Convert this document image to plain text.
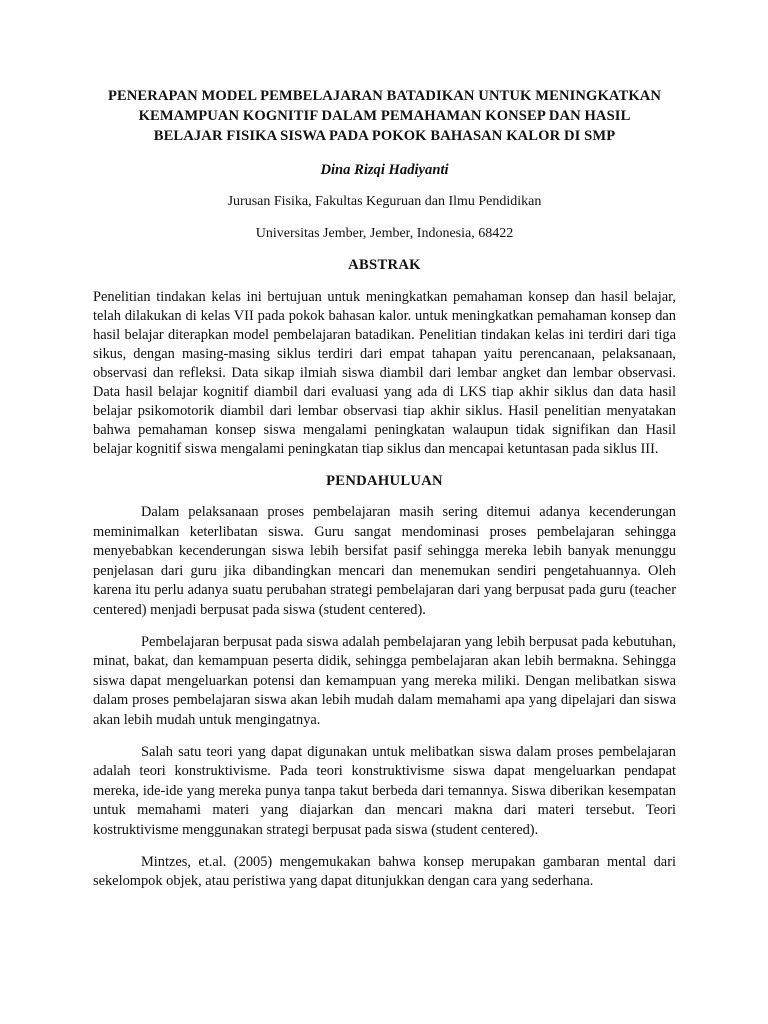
PENERAPAN MODEL PEMBELAJARAN BATADIKAN UNTUK MENINGKATKAN
KEMAMPUAN KOGNITIF DALAM PEMAHAMAN KONSEP DAN HASIL
BELAJAR FISIKA SISWA PADA POKOK BAHASAN KALOR DI SMP

Dina Rizqi Hadiyanti

Jurusan Fisika, Fakultas Keguruan dan Ilmu Pendidikan

Universitas Jember, Jember, Indonesia, 68422

ABSTRAK

Penelitian tindakan kelas ini bertujuan untuk meningkatkan pemahaman konsep dan hasil belajar, telah dilakukan di kelas VII pada pokok bahasan kalor. untuk meningkatkan pemahaman konsep dan hasil belajar diterapkan model pembelajaran batadikan. Penelitian tindakan kelas ini terdiri dari tiga sikus, dengan masing-masing siklus terdiri dari empat tahapan yaitu perencanaan, pelaksanaan, observasi dan refleksi. Data sikap ilmiah siswa diambil dari lembar angket dan lembar observasi. Data hasil belajar kognitif diambil dari evaluasi yang ada di LKS tiap akhir siklus dan data hasil belajar psikomotorik diambil dari lembar observasi tiap akhir siklus. Hasil penelitian menyatakan bahwa pemahaman konsep siswa mengalami peningkatan walaupun tidak signifikan dan Hasil belajar kognitif siswa mengalami peningkatan tiap siklus dan mencapai ketuntasan pada siklus III.

PENDAHULUAN

Dalam pelaksanaan proses pembelajaran masih sering ditemui adanya kecenderungan meminimalkan keterlibatan siswa. Guru sangat mendominasi proses pembelajaran sehingga menyebabkan kecenderungan siswa lebih bersifat pasif sehingga mereka lebih banyak menunggu penjelasan dari guru jika dibandingkan mencari dan menemukan sendiri pengetahuannya. Oleh karena itu perlu adanya suatu perubahan strategi pembelajaran dari yang berpusat pada guru (teacher centered) menjadi berpusat pada siswa (student centered).

Pembelajaran berpusat pada siswa adalah pembelajaran yang lebih berpusat pada kebutuhan, minat, bakat, dan kemampuan peserta didik, sehingga pembelajaran akan lebih bermakna. Sehingga siswa dapat mengeluarkan potensi dan kemampuan yang mereka miliki. Dengan melibatkan siswa dalam proses pembelajaran siswa akan lebih mudah dalam memahami apa yang dipelajari dan siswa akan lebih mudah untuk mengingatnya.

Salah satu teori yang dapat digunakan untuk melibatkan siswa dalam proses pembelajaran adalah teori konstruktivisme. Pada teori konstruktivisme siswa dapat mengeluarkan pendapat mereka, ide-ide yang mereka punya tanpa takut berbeda dari temannya. Siswa diberikan kesempatan untuk memahami materi yang diajarkan dan mencari makna dari materi tersebut. Teori kostruktivisme menggunakan strategi berpusat pada siswa (student centered).

Mintzes, et.al. (2005) mengemukakan bahwa konsep merupakan gambaran mental dari sekelompok objek, atau peristiwa yang dapat ditunjukkan dengan cara yang sederhana.
